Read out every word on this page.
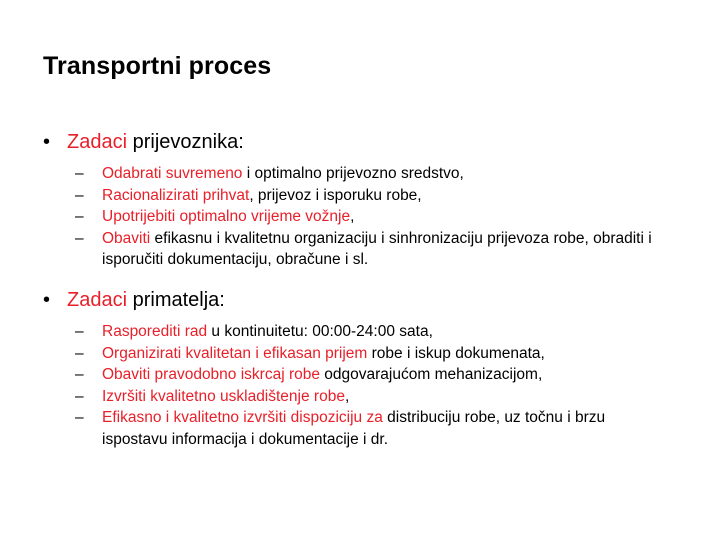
Transportni proces
• Zadaci prijevoznika:
– Odabrati suvremeno i optimalno prijevozno sredstvo,
– Racionalizirati prihvat, prijevoz i isporuku robe,
– Upotrijebiti optimalno vrijeme vožnje,
– Obaviti efikasnu i kvalitetnu organizaciju i sinhronizaciju prijevoza robe, obraditi i isporučiti dokumentaciju, obračune i sl.
• Zadaci primatelja:
– Rasporediti rad u kontinuitetu: 00:00-24:00 sata,
– Organizirati kvalitetan i efikasan prijem robe i iskup dokumenata,
– Obaviti pravodobno iskrcaj robe odgovarajućom mehanizacijom,
– Izvršiti kvalitetno uskladištenje robe,
– Efikasno i kvalitetno izvršiti dispoziciju za distribuciju robe, uz točnu i brzu ispostavu informacija i dokumentacije i dr.
